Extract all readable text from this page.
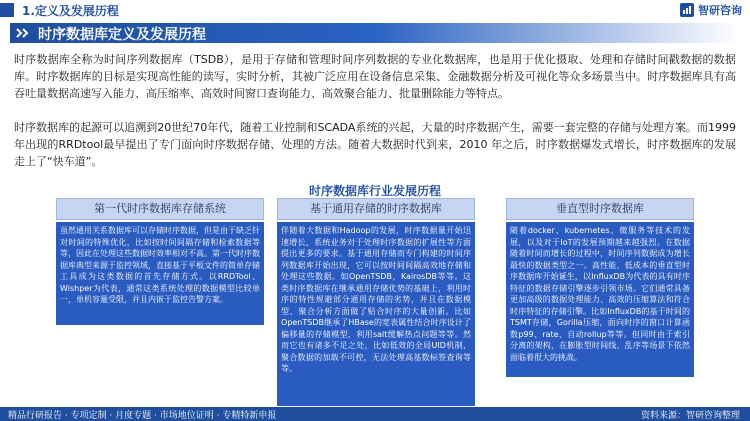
1.定义及发展历程	智研咨询
时序数据库定义及发展历程

时序数据库全称为时间序列数据库（TSDB），是用于存储和管理时间序列数据的专业化数据库，也是用于优化摄取、处理和存储时间戳数据的数据库。时序数据库的目标是实现高性能的读写，实时分析，其被广泛应用在设备信息采集、金融数据分析及可视化等众多场景当中。时序数据库具有高吞吐量数据高速写入能力、高压缩率、高效时间窗口查询能力、高效聚合能力、批量删除能力等特点。

时序数据库的起源可以追溯到20世纪70年代，随着工业控制和SCADA系统的兴起，大量的时序数据产生，需要一套完整的存储与处理方案。而1999年出现的RRDtool最早提出了专门面向时序数据存储、处理的方法。随着大数据时代到来，2010 年之后，时序数据爆发式增长，时序数据库的发展走上了“快车道”。

时序数据库行业发展历程
第一代时序数据库存储系统
虽然通用关系数据库可以存储时序数据，但是由于缺乏针对时间的特殊优化，比如按时间间隔存储和检索数据等等，因此在处理这些数据时效率相对不高。第一代时序数据库典型来源于监控领域，直接基于平板文件的简单存储工具成为这类数据的首先存储方式。以RRDTool、Wishper为代表，通常这类系统处理的数据模型比较单一，单机容量受限，并且内嵌于监控告警方案。
基于通用存储的时序数据库
伴随着大数据和Hadoop的发展，时序数据量开始迅速增长，系统业务对于处理时序数据的扩展性等方面提出更多的要求。基于通用存储而专门构建的时间序列数据库开始出现，它可以按时间间隔高效地存储和处理这些数据。如OpenTSDB，KairosDB等等。这类时序数据库在继承通用存储优势的基础上，利用时序的特性规避部分通用存储的劣势，并且在数据模型、聚合分析方面做了贴合时序的大量创新。比如OpenTSDB继承了HBase的宽表属性结合时序设计了偏移量的存储模型，利用salt缓解热点问题等等。然而它也有诸多不足之处，比如低效的全局UID机制，聚合数据的加载不可控，无法处理高基数标签查询等等。
垂直型时序数据库
随着docker、kubernetes、微服务等技术的发展，以及对于IoT的发展预期越来越强烈。在数据随着时间而增长的过程中，时间序列数据成为增长最快的数据类型之一。高性能、低成本的垂直型时序数据库开始诞生，以InfluxDB为代表的具有时序特征的数据存储引擎逐步引领市场。它们通常具备更加高级的数据处理能力、高效的压缩算法和符合时序特征的存储引擎。比如InfluxDB的基于时间的TSMT存储，Gorilla压缩，面向时序的窗口计算函数p99、rate、自动rollup等等。但同时由于索引分离的架构，在膨胀型时间线、乱序等场景下依然面临着很大的挑战。
精品行研报告 · 专项定制 · 月度专题 · 市场地位证明 · 专精特新申报	资料来源：智研咨询整理
